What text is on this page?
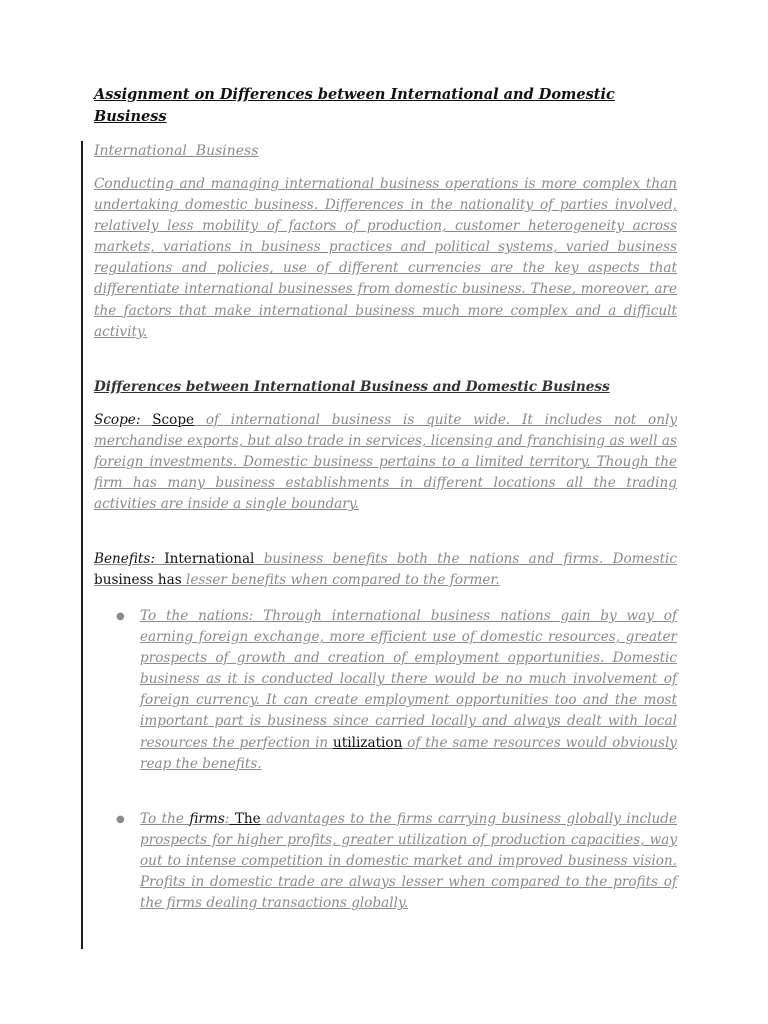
Assignment on Differences between International and Domestic Business
International  Business
Conducting and managing international business operations is more complex than undertaking domestic business. Differences in the nationality of parties involved, relatively less mobility of factors of production, customer heterogeneity across markets, variations in business practices and political systems, varied business regulations and policies, use of different currencies are the key aspects that differentiate international businesses from domestic business. These, moreover, are the factors that make international business much more complex and a difficult activity.
Differences between International Business and Domestic Business
Scope: Scope of international business is quite wide. It includes not only merchandise exports, but also trade in services, licensing and franchising as well as foreign investments. Domestic business pertains to a limited territory. Though the firm has many business establishments in different locations all the trading activities are inside a single boundary.
Benefits: International business benefits both the nations and firms. Domestic business has lesser benefits when compared to the former.
● To the nations: Through international business nations gain by way of earning foreign exchange, more efficient use of domestic resources, greater prospects of growth and creation of employment opportunities. Domestic business as it is conducted locally there would be no much involvement of foreign currency. It can create employment opportunities too and the most important part is business since carried locally and always dealt with local resources the perfection in utilization of the same resources would obviously reap the benefits.
● To the firms: The advantages to the firms carrying business globally include prospects for higher profits, greater utilization of production capacities, way out to intense competition in domestic market and improved business vision. Profits in domestic trade are always lesser when compared to the profits of the firms dealing transactions globally.
